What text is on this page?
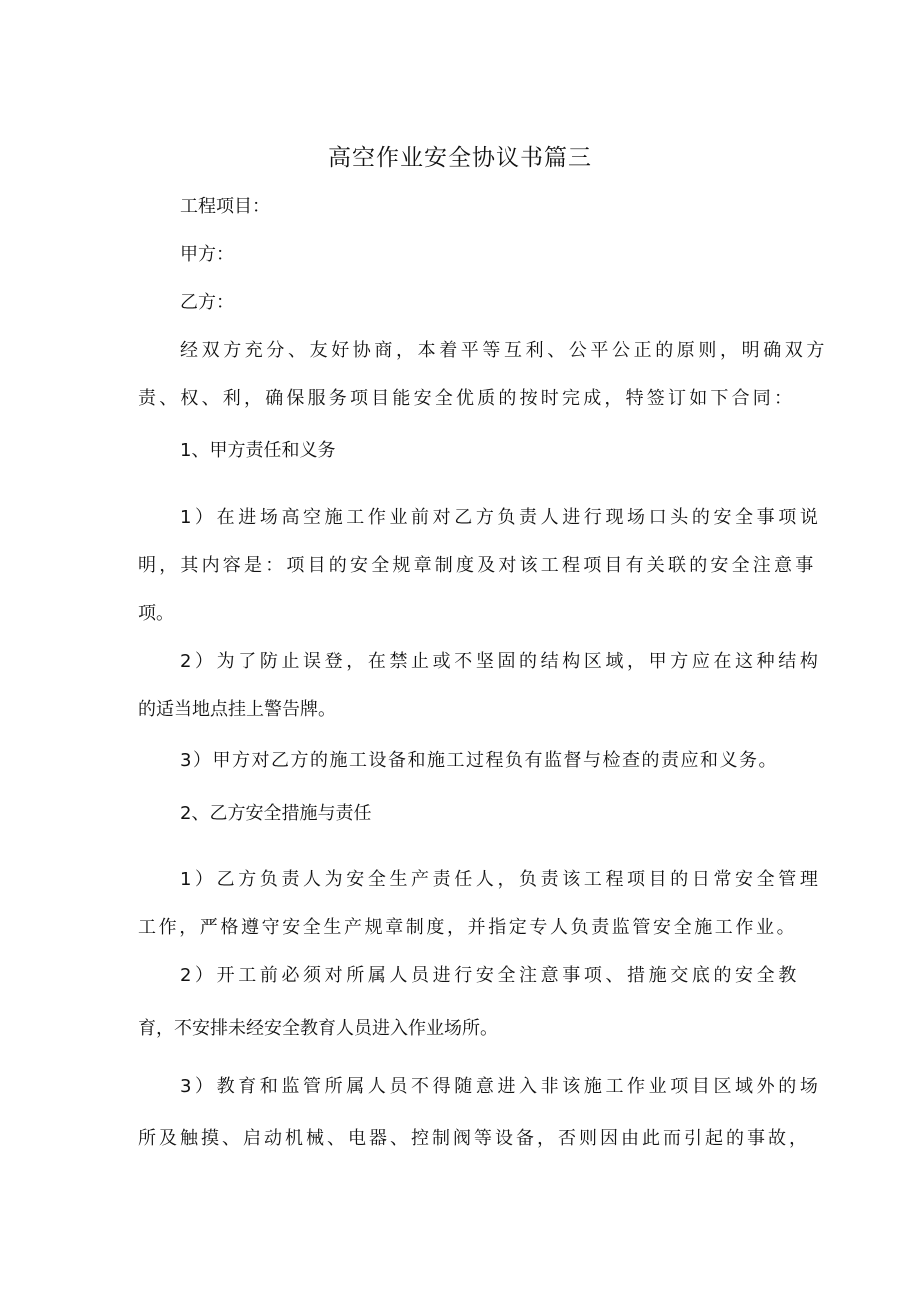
高空作业安全协议书篇三
工程项目：
甲方：
乙方：
经双方充分、友好协商，本着平等互利、公平公正的原则，明确双方
责、权、利，确保服务项目能安全优质的按时完成，特签订如下合同：
1、甲方责任和义务
1）在进场高空施工作业前对乙方负责人进行现场口头的安全事项说
明，其内容是：项目的安全规章制度及对该工程项目有关联的安全注意事
项。
2）为了防止误登，在禁止或不坚固的结构区域，甲方应在这种结构
的适当地点挂上警告牌。
3）甲方对乙方的施工设备和施工过程负有监督与检查的责应和义务。
2、乙方安全措施与责任
1）乙方负责人为安全生产责任人，负责该工程项目的日常安全管理
工作，严格遵守安全生产规章制度，并指定专人负责监管安全施工作业。
2）开工前必须对所属人员进行安全注意事项、措施交底的安全教
育，不安排未经安全教育人员进入作业场所。
3）教育和监管所属人员不得随意进入非该施工作业项目区域外的场
所及触摸、启动机械、电器、控制阀等设备，否则因由此而引起的事故，
